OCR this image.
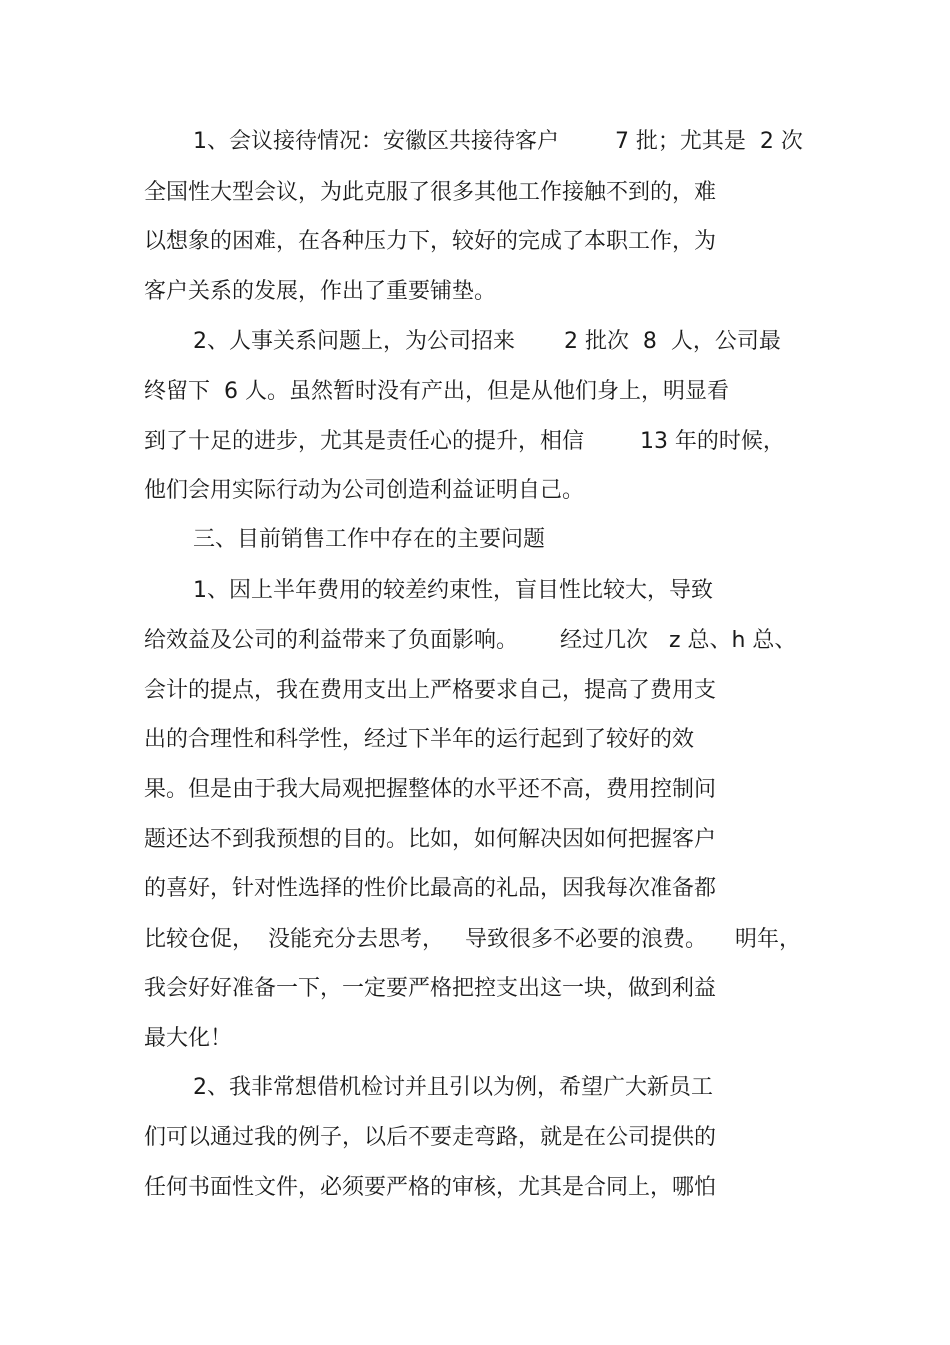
1、会议接待情况：安徽区共接待客户        7 批；尤其是  2 次
全国性大型会议，为此克服了很多其他工作接触不到的，难
以想象的困难，在各种压力下，较好的完成了本职工作，为
客户关系的发展，作出了重要铺垫。
2、人事关系问题上，为公司招来       2 批次  8  人，公司最
终留下  6 人。虽然暂时没有产出，但是从他们身上，明显看
到了十足的进步，尤其是责任心的提升，相信        13 年的时候，
他们会用实际行动为公司创造利益证明自己。
三、目前销售工作中存在的主要问题
1、因上半年费用的较差约束性，盲目性比较大，导致
给效益及公司的利益带来了负面影响。      经过几次   z 总、h 总、
会计的提点，我在费用支出上严格要求自己，提高了费用支
出的合理性和科学性，经过下半年的运行起到了较好的效
果。但是由于我大局观把握整体的水平还不高，费用控制问
题还达不到我预想的目的。比如，如何解决因如何把握客户
的喜好，针对性选择的性价比最高的礼品，因我每次准备都
比较仓促，  没能充分去思考，   导致很多不必要的浪费。    明年，
我会好好准备一下，一定要严格把控支出这一块，做到利益
最大化！
2、我非常想借机检讨并且引以为例，希望广大新员工
们可以通过我的例子，以后不要走弯路，就是在公司提供的
任何书面性文件，必须要严格的审核，尤其是合同上，哪怕
